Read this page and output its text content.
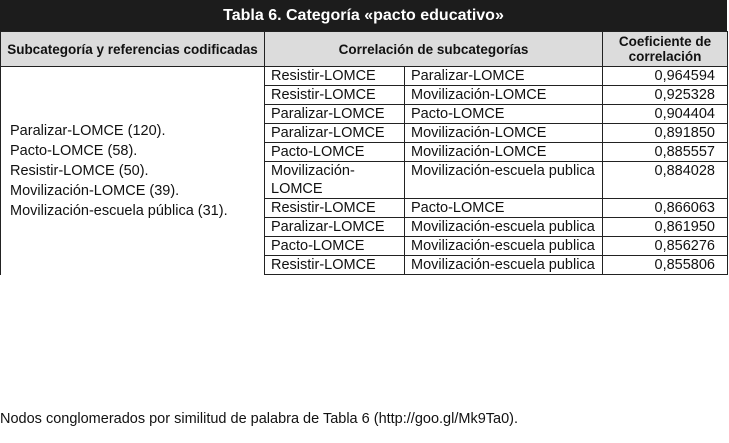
Tabla 6. Categoría «pacto educativo»
Subcategoría y referencias codificadas	Correlación de subcategorías		Coeficiente de correlación

Paralizar-LOMCE (120).
Pacto-LOMCE (58).
Resistir-LOMCE (50).
Movilización-LOMCE (39).
Movilización-escuela pública (31).	Resistir-LOMCE	Paralizar-LOMCE	0,964594
	Resistir-LOMCE	Movilización-LOMCE	0,925328
	Paralizar-LOMCE	Pacto-LOMCE	0,904404
	Paralizar-LOMCE	Movilización-LOMCE	0,891850
	Pacto-LOMCE	Movilización-LOMCE	0,885557
	Movilización-LOMCE	Movilización-escuela publica	0,884028
	Resistir-LOMCE	Pacto-LOMCE	0,866063
	Paralizar-LOMCE	Movilización-escuela publica	0,861950
	Pacto-LOMCE	Movilización-escuela publica	0,856276
	Resistir-LOMCE	Movilización-escuela publica	0,855806
Nodos conglomerados por similitud de palabra de Tabla 6 (http://goo.gl/Mk9Ta0).
